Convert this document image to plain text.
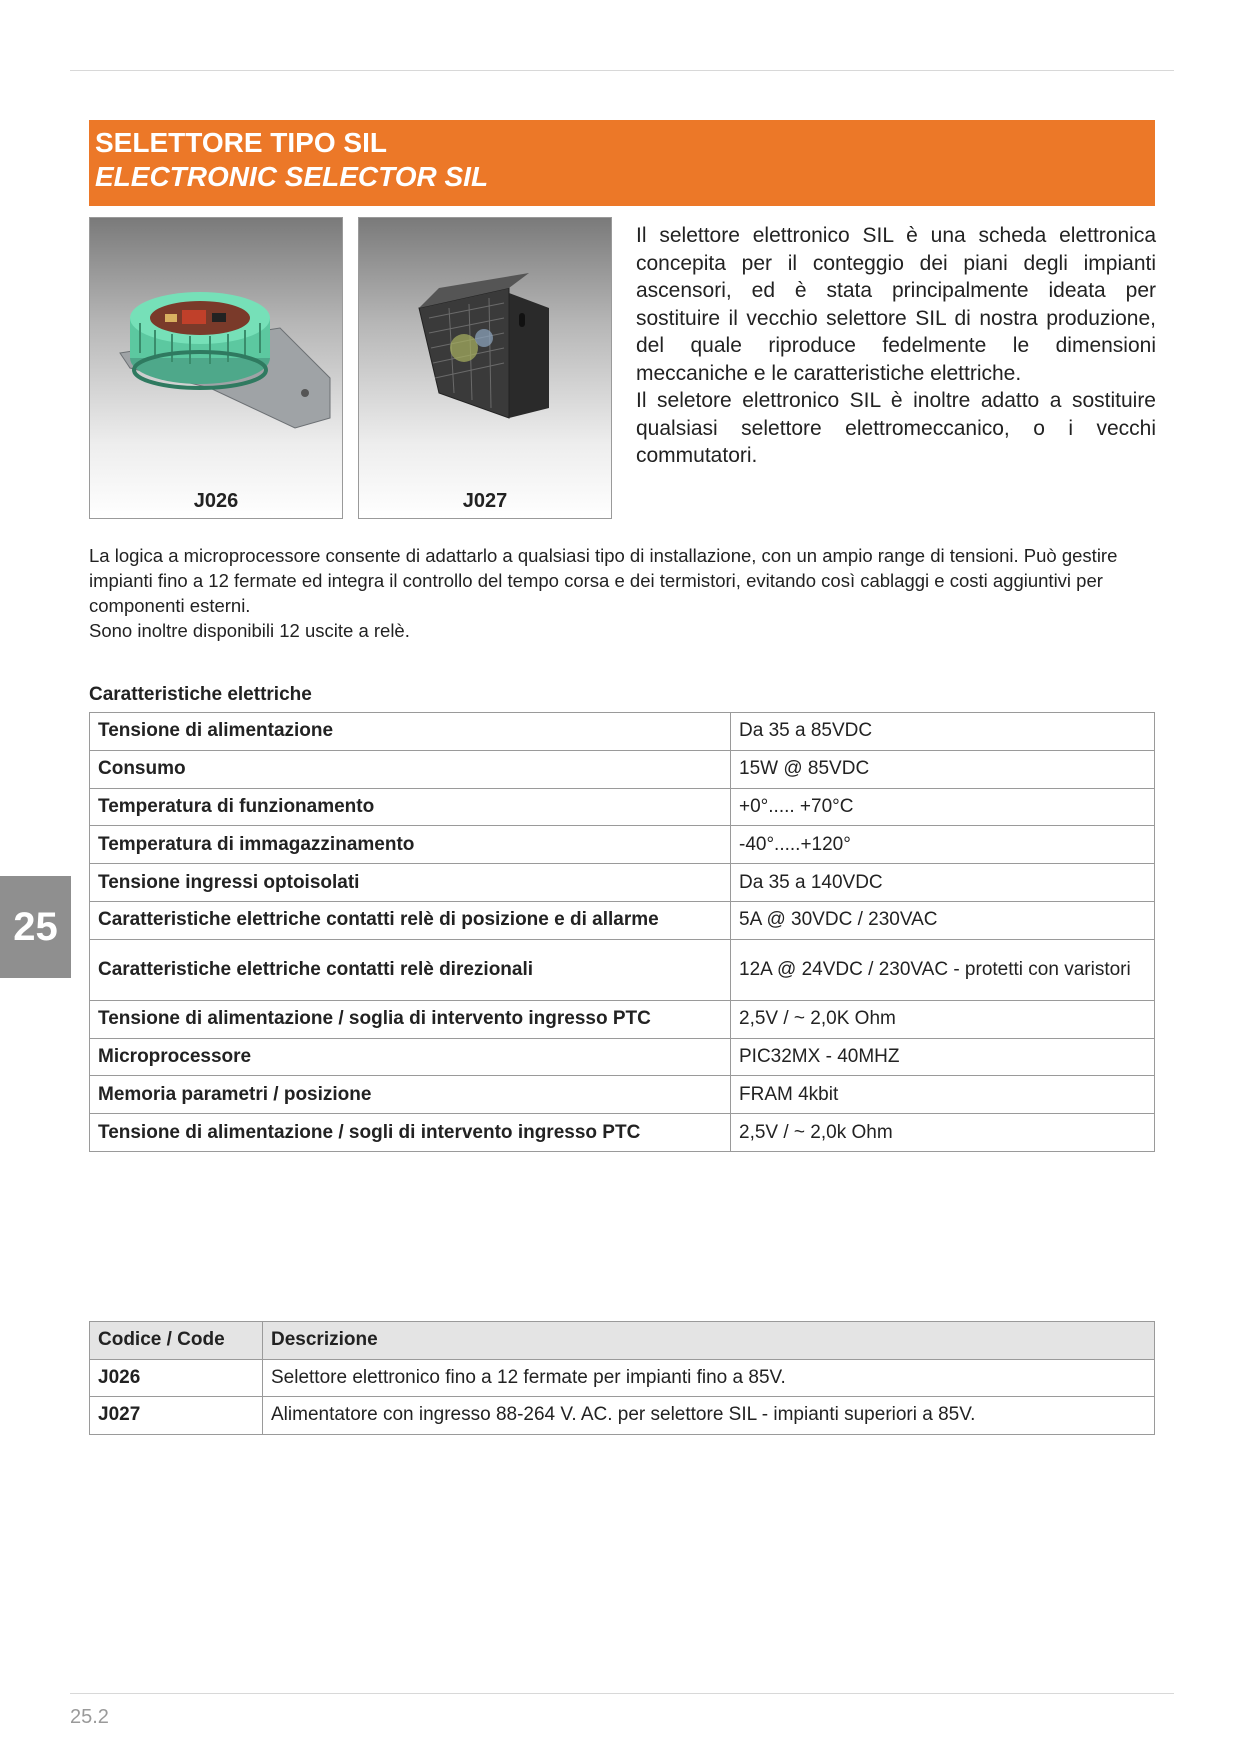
SELETTORE TIPO SIL
ELECTRONIC SELECTOR SIL
J026	J027

Il selettore elettronico SIL è una scheda elettronica concepita per il conteggio dei piani degli impianti ascensori, ed è stata principalmente ideata per sostituire il vecchio selettore SIL di nostra produzione, del quale riproduce fedelmente le dimensioni meccaniche e le caratteristiche elettriche.

Il seletore elettronico SIL è inoltre adatto a sostituire qualsiasi selettore elettromeccanico, o i vecchi commutatori.

La logica a microprocessore consente di adattarlo a qualsiasi tipo di installazione, con un ampio range di tensioni. Può gestire impianti fino a 12 fermate ed integra il controllo del tempo corsa e dei termistori, evitando così cablaggi e costi aggiuntivi per componenti esterni.

Sono inoltre disponibili 12 uscite a relè.

Caratteristiche elettriche
Tensione di alimentazione	Da 35 a 85VDC
Consumo	15W @ 85VDC
Temperatura di funzionamento	+0°..... +70°C
Temperatura di immagazzinamento	-40°.....+120°
Tensione ingressi optoisolati	Da 35 a 140VDC
Caratteristiche elettriche contatti relè di posizione e di allarme	5A @ 30VDC / 230VAC
Caratteristiche elettriche contatti relè direzionali	12A @ 24VDC / 230VAC - protetti con varistori
Tensione di alimentazione / soglia di intervento ingresso PTC	2,5V / ~ 2,0K Ohm
Microprocessore	PIC32MX - 40MHZ
Memoria parametri / posizione	FRAM 4kbit
Tensione di alimentazione / sogli di intervento ingresso PTC	2,5V / ~ 2,0k Ohm
Codice / Code	Descrizione
J026	Selettore elettronico fino a 12 fermate per impianti fino a 85V.
J027	Alimentatore con ingresso 88-264 V. AC. per selettore SIL - impianti superiori a 85V.
25
25.2
